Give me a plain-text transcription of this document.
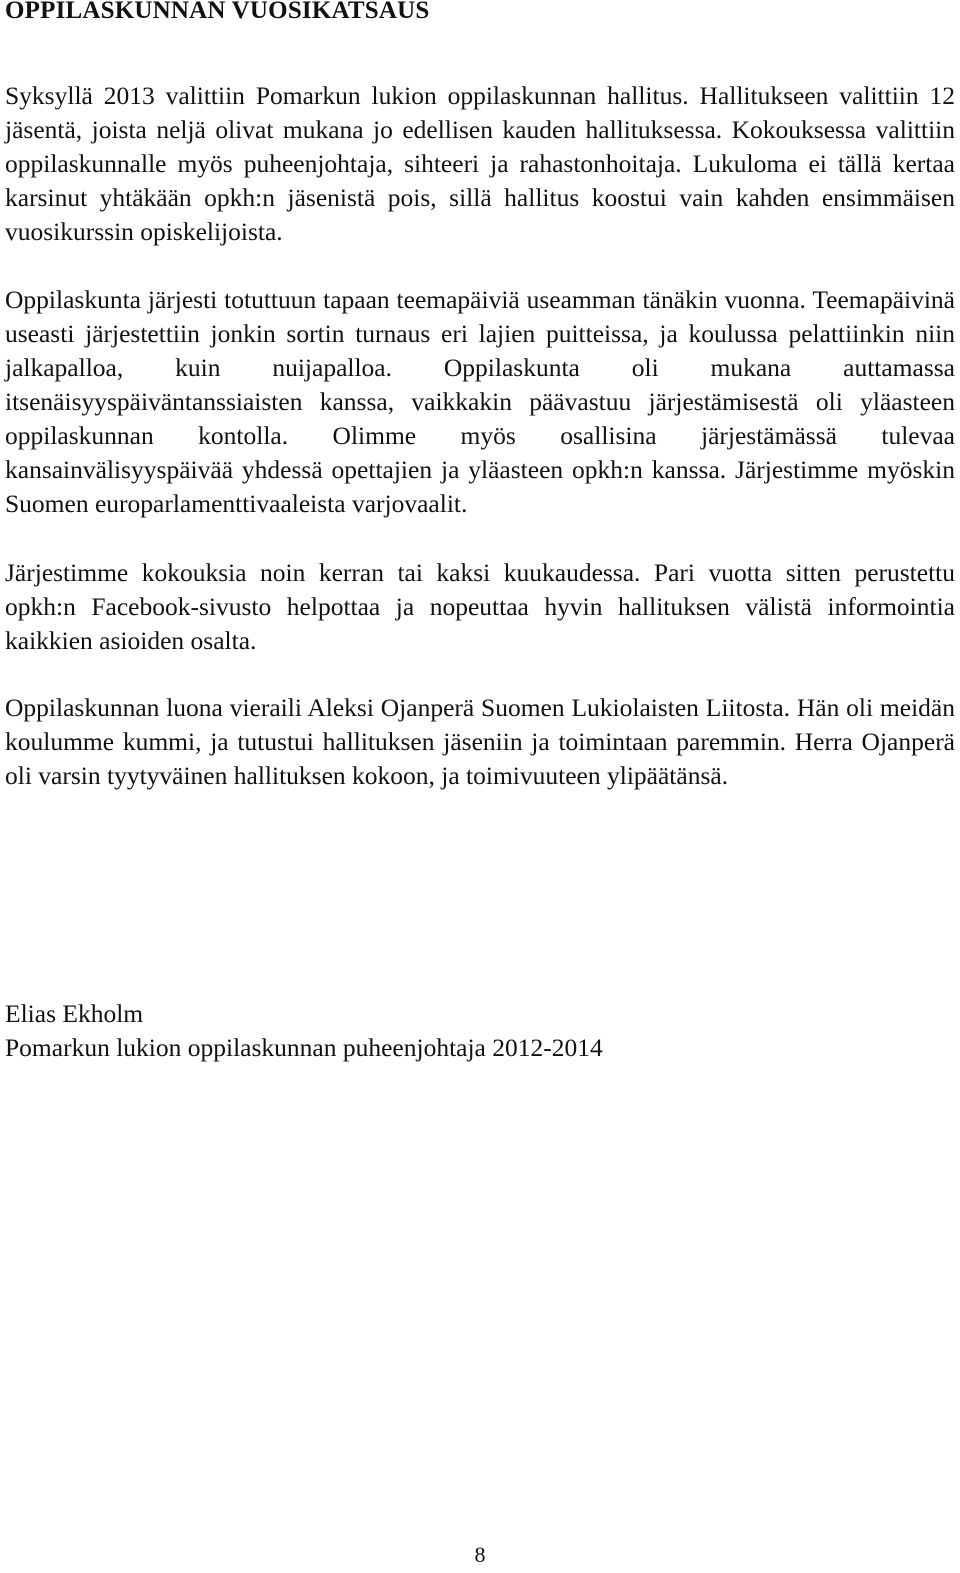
OPPILASKUNNAN VUOSIKATSAUS

Syksyllä 2013 valittiin Pomarkun lukion oppilaskunnan hallitus. Hallitukseen valittiin 12 jäsentä, joista neljä olivat mukana jo edellisen kauden hallituksessa. Kokouksessa valittiin oppilaskunnalle myös puheenjohtaja, sihteeri ja rahastonhoitaja. Lukuloma ei tällä kertaa karsinut yhtäkään opkh:n jäsenistä pois, sillä hallitus koostui vain kahden ensimmäisen vuosikurssin opiskelijoista.

Oppilaskunta järjesti totuttuun tapaan teemapäiviä useamman tänäkin vuonna. Teemapäivinä useasti järjestettiin jonkin sortin turnaus eri lajien puitteissa, ja koulussa pelattiinkin niin jalkapalloa, kuin nuijapalloa. Oppilaskunta oli mukana auttamassa itsenäisyyspäiväntanssiaisten kanssa, vaikkakin päävastuu järjestämisestä oli yläasteen oppilaskunnan kontolla. Olimme myös osallisina järjestämässä tulevaa kansainvälisyyspäivää yhdessä opettajien ja yläasteen opkh:n kanssa. Järjestimme myöskin Suomen europarlamenttivaaleista varjovaalit.

Järjestimme kokouksia noin kerran tai kaksi kuukaudessa. Pari vuotta sitten perustettu opkh:n Facebook-sivusto helpottaa ja nopeuttaa hyvin hallituksen välistä informointia kaikkien asioiden osalta.

Oppilaskunnan luona vieraili Aleksi Ojanperä Suomen Lukiolaisten Liitosta. Hän oli meidän koulumme kummi, ja tutustui hallituksen jäseniin ja toimintaan paremmin. Herra Ojanperä oli varsin tyytyväinen hallituksen kokoon, ja toimivuuteen ylipäätänsä.

Elias Ekholm
Pomarkun lukion oppilaskunnan puheenjohtaja 2012-2014
8
